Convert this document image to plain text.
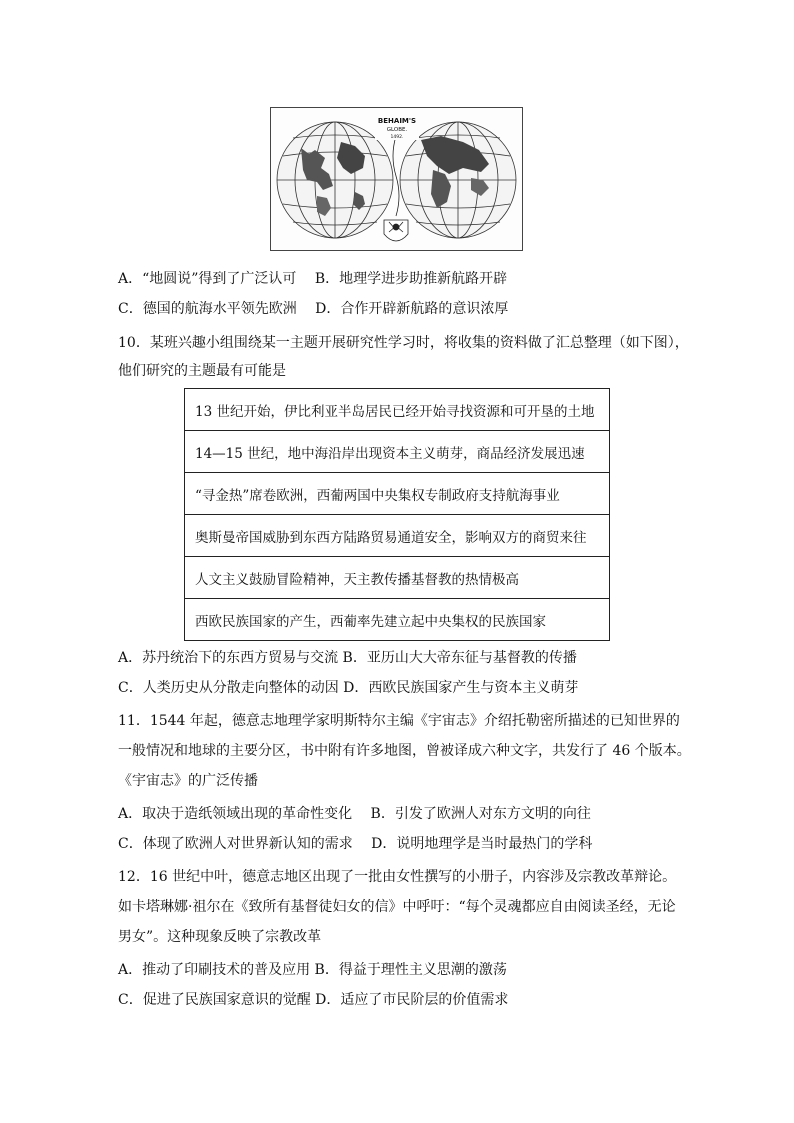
BEHAIM'S
GLOBE.
1492.
A．“地圆说”得到了广泛认可　 B．地理学进步助推新航路开辟
C．德国的航海水平领先欧洲　 D．合作开辟新航路的意识浓厚
10．某班兴趣小组围绕某一主题开展研究性学习时，将收集的资料做了汇总整理（如下图），
他们研究的主题最有可能是
13 世纪开始，伊比利亚半岛居民已经开始寻找资源和可开垦的土地
14—15 世纪，地中海沿岸出现资本主义萌芽，商品经济发展迅速
“寻金热”席卷欧洲，西葡两国中央集权专制政府支持航海事业
奥斯曼帝国威胁到东西方陆路贸易通道安全，影响双方的商贸来往
人文主义鼓励冒险精神，天主教传播基督教的热情极高
西欧民族国家的产生，西葡率先建立起中央集权的民族国家
A．苏丹统治下的东西方贸易与交流 B．亚历山大大帝东征与基督教的传播
C．人类历史从分散走向整体的动因 D．西欧民族国家产生与资本主义萌芽
11．1544 年起，德意志地理学家明斯特尔主编《宇宙志》介绍托勒密所描述的已知世界的
一般情况和地球的主要分区，书中附有许多地图，曾被译成六种文字，共发行了 46 个版本。
《宇宙志》的广泛传播
A．取决于造纸领域出现的革命性变化　 B．引发了欧洲人对东方文明的向往
C．体现了欧洲人对世界新认知的需求　 D．说明地理学是当时最热门的学科
12．16 世纪中叶，德意志地区出现了一批由女性撰写的小册子，内容涉及宗教改革辩论。
如卡塔琳娜·祖尔在《致所有基督徒妇女的信》中呼吁：“每个灵魂都应自由阅读圣经，无论
男女”。这种现象反映了宗教改革
A．推动了印刷技术的普及应用 B．得益于理性主义思潮的激荡
C．促进了民族国家意识的觉醒 D．适应了市民阶层的价值需求
